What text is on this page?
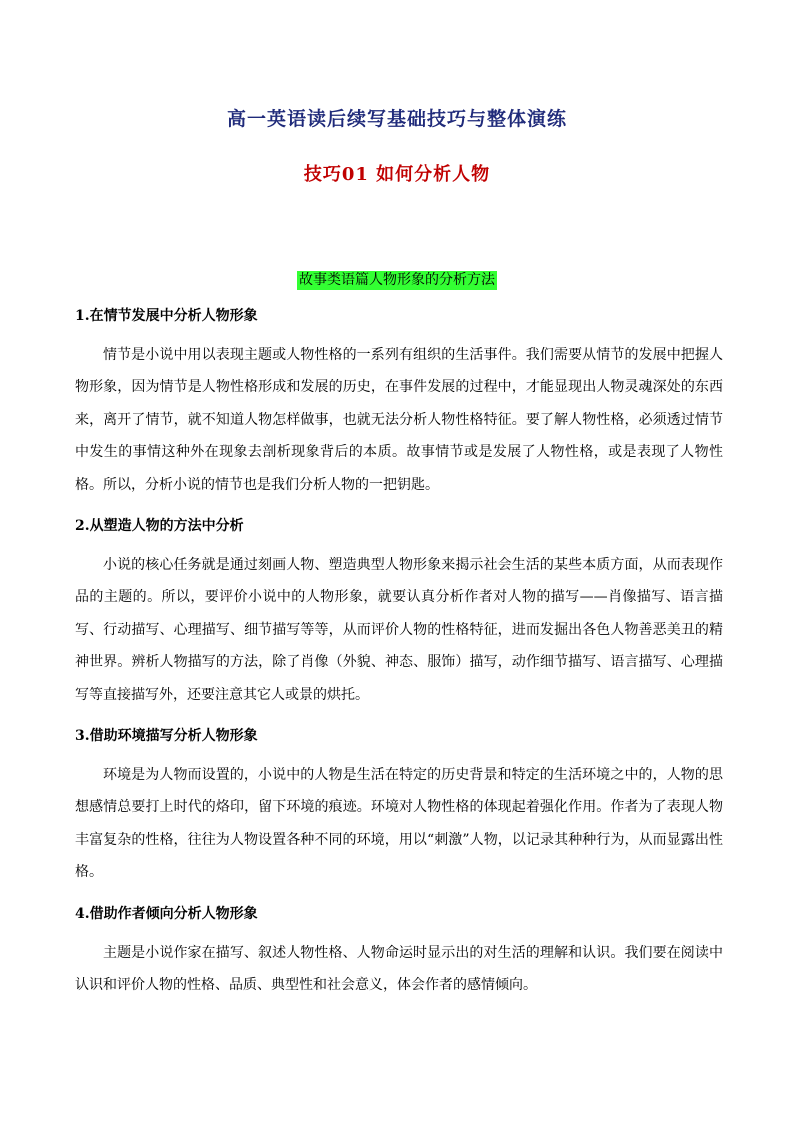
高一英语读后续写基础技巧与整体演练
技巧01 如何分析人物
故事类语篇人物形象的分析方法

1.在情节发展中分析人物形象

情节是小说中用以表现主题或人物性格的一系列有组织的生活事件。我们需要从情节的发展中把握人物形象，因为情节是人物性格形成和发展的历史，在事件发展的过程中，才能显现出人物灵魂深处的东西来，离开了情节，就不知道人物怎样做事，也就无法分析人物性格特征。要了解人物性格，必须透过情节中发生的事情这种外在现象去剖析现象背后的本质。故事情节或是发展了人物性格，或是表现了人物性格。所以，分析小说的情节也是我们分析人物的一把钥匙。

2.从塑造人物的方法中分析

小说的核心任务就是通过刻画人物、塑造典型人物形象来揭示社会生活的某些本质方面，从而表现作品的主题的。所以，要评价小说中的人物形象，就要认真分析作者对人物的描写——肖像描写、语言描写、行动描写、心理描写、细节描写等等，从而评价人物的性格特征，进而发掘出各色人物善恶美丑的精神世界。辨析人物描写的方法，除了肖像（外貌、神态、服饰）描写，动作细节描写、语言描写、心理描写等直接描写外，还要注意其它人或景的烘托。

3.借助环境描写分析人物形象

环境是为人物而设置的，小说中的人物是生活在特定的历史背景和特定的生活环境之中的，人物的思想感情总要打上时代的烙印，留下环境的痕迹。环境对人物性格的体现起着强化作用。作者为了表现人物丰富复杂的性格，往往为人物设置各种不同的环境，用以“刺激”人物，以记录其种种行为，从而显露出性格。

4.借助作者倾向分析人物形象

主题是小说作家在描写、叙述人物性格、人物命运时显示出的对生活的理解和认识。我们要在阅读中认识和评价人物的性格、品质、典型性和社会意义，体会作者的感情倾向。
